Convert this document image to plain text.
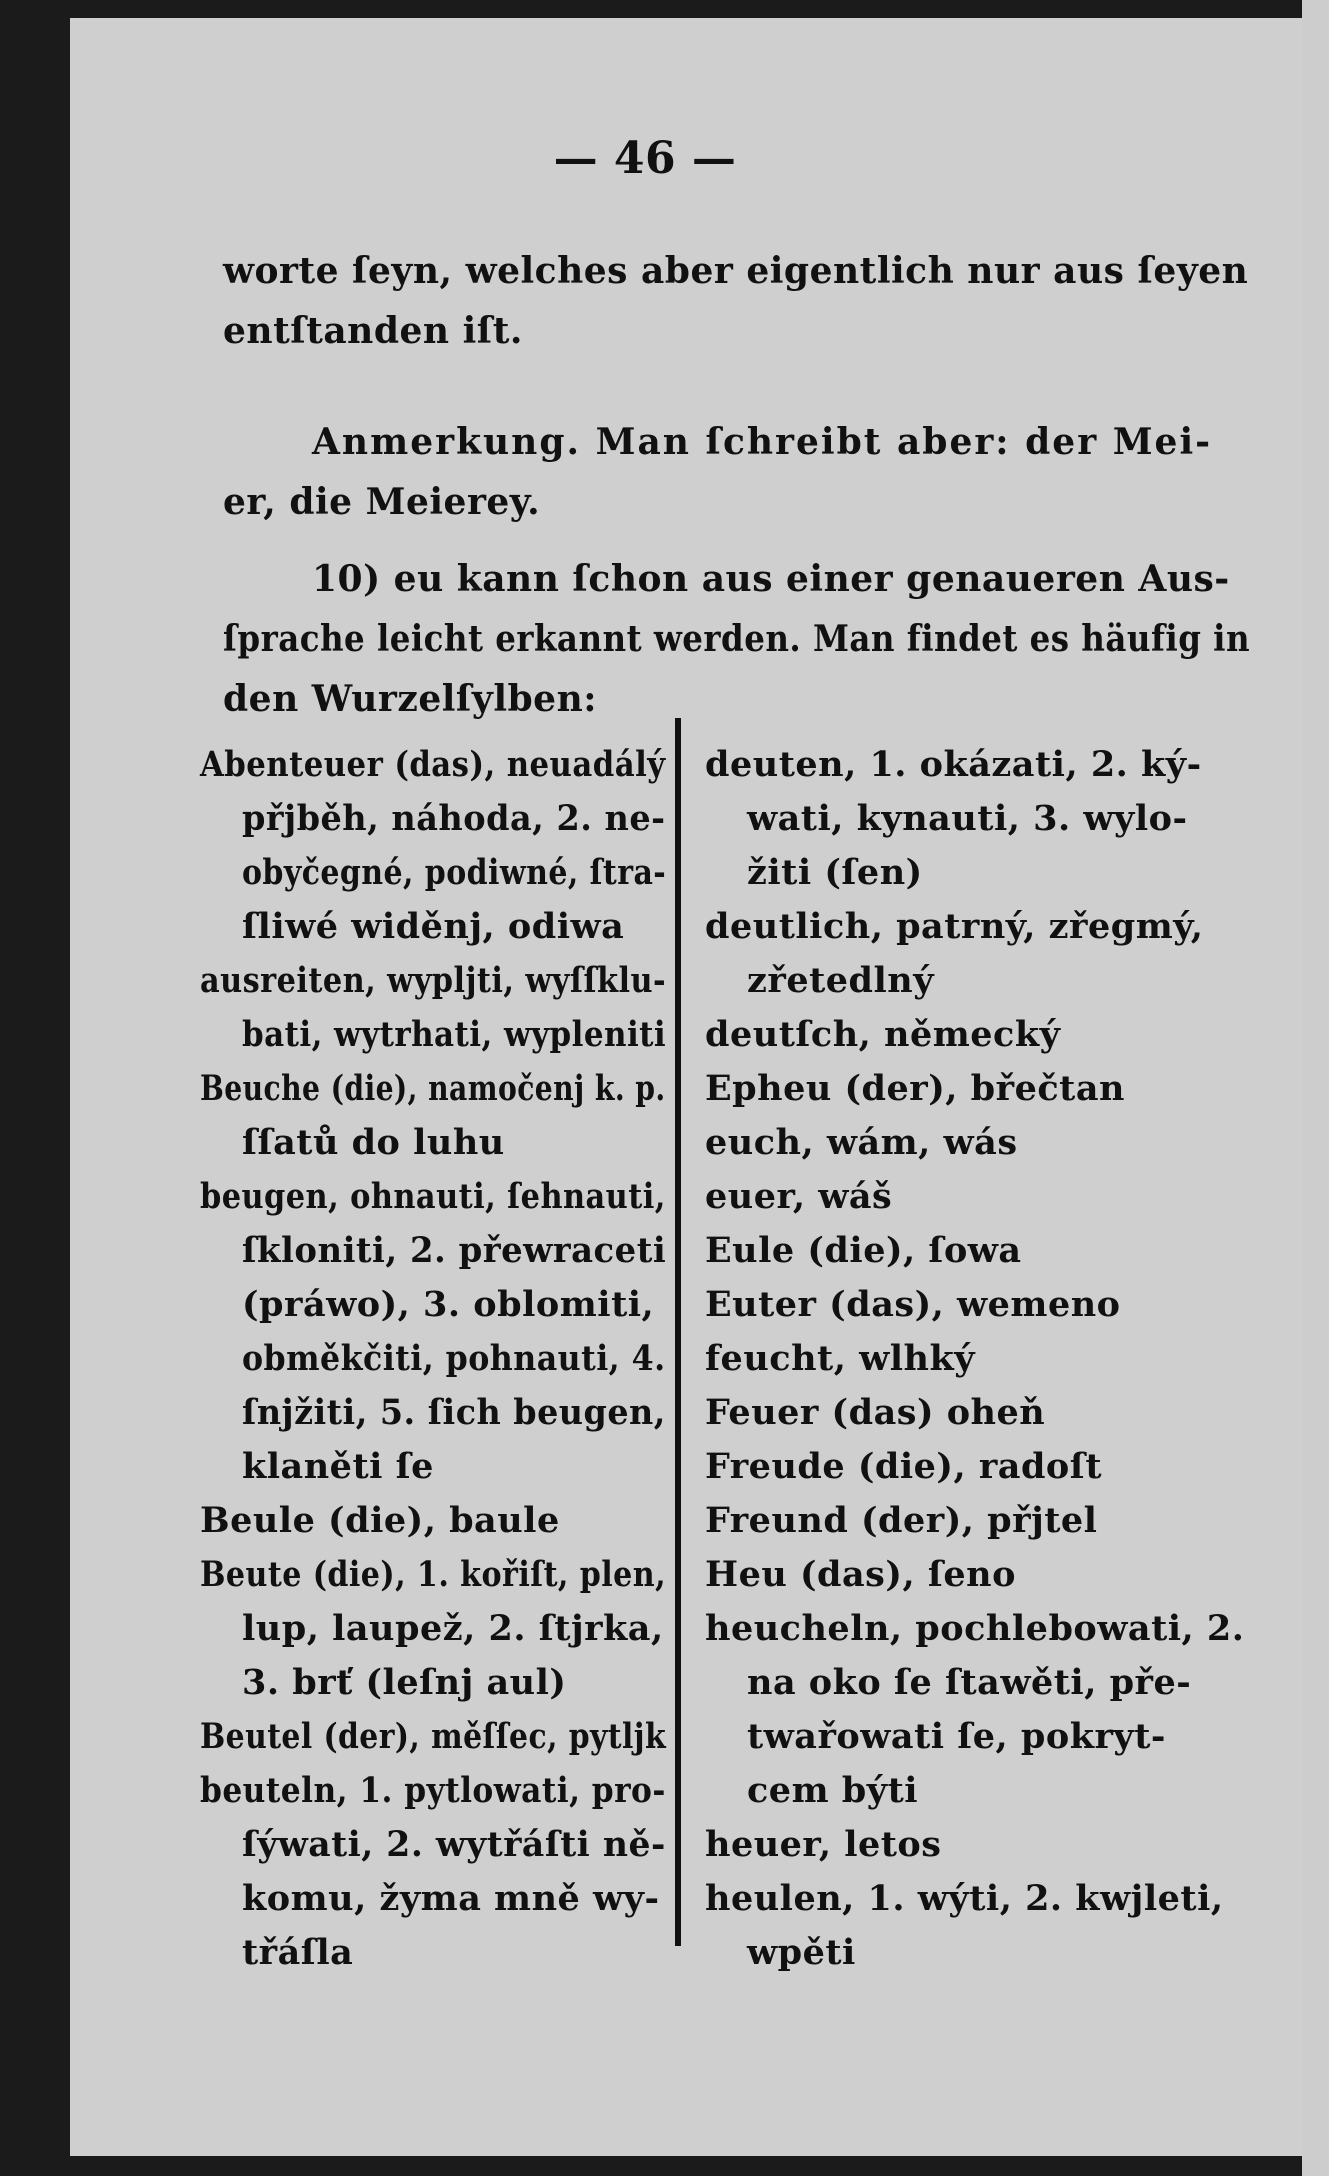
— 46 —
worte ſeyn, welches aber eigentlich nur aus ſeyen
entſtanden iſt.
Anmerkung. Man ſchreibt aber: der Mei-
er, die Meierey.
10) eu kann ſchon aus einer genaueren Aus-
ſprache leicht erkannt werden. Man findet es häufig in
den Wurzelſylben:
Abenteuer (das), neuadálý
přjběh, náhoda, 2. ne-
obyčegné, podiwné, ſtra-
ſliwé widěnj, odiwa
ausreiten, wypljti, wyſſklu-
bati, wytrhati, wypleniti
Beuche (die), namočenj k. p.
ſſatů do luhu
beugen, ohnauti, ſehnauti,
ſkloniti, 2. přewraceti
(práwo), 3. oblomiti,
obměkčiti, pohnauti, 4.
ſnjžiti, 5. ſich beugen,
klaněti ſe
Beule (die), baule
Beute (die), 1. kořiſt, plen,
lup, laupež, 2. ſtjrka,
3. brť (leſnj aul)
Beutel (der), měſſec, pytljk
beuteln, 1. pytlowati, pro-
ſýwati, 2. wytřáſti ně-
komu, žyma mně wy-
třáſla
deuten, 1. okázati, 2. ký-
wati, kynauti, 3. wylo-
žiti (ſen)
deutlich, patrný, zřegmý,
zřetedlný
deutſch, německý
Epheu (der), břečtan
euch, wám, wás
euer, wáš
Eule (die), ſowa
Euter (das), wemeno
feucht, wlhký
Feuer (das) oheň
Freude (die), radoſt
Freund (der), přjtel
Heu (das), ſeno
heucheln, pochlebowati, 2.
na oko ſe ſtawěti, pře-
twařowati ſe, pokryt-
cem býti
heuer, letos
heulen, 1. wýti, 2. kwjleti,
wpěti
